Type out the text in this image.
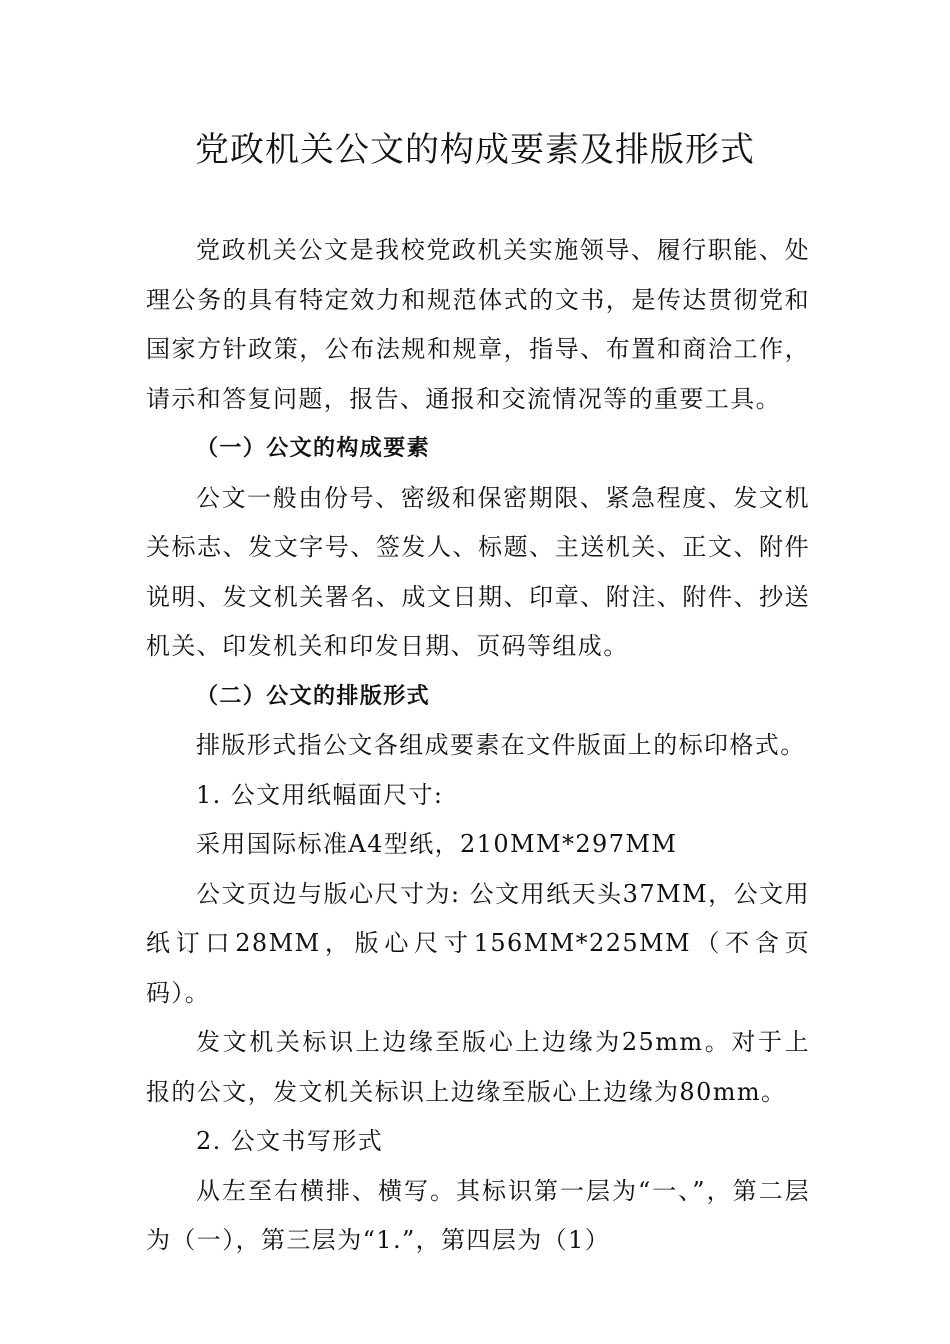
党政机关公文的构成要素及排版形式

党政机关公文是我校党政机关实施领导、履行职能、处理公务的具有特定效力和规范体式的文书，是传达贯彻党和国家方针政策，公布法规和规章，指导、布置和商洽工作，请示和答复问题，报告、通报和交流情况等的重要工具。

（一）公文的构成要素

公文一般由份号、密级和保密期限、紧急程度、发文机关标志、发文字号、签发人、标题、主送机关、正文、附件说明、发文机关署名、成文日期、印章、附注、附件、抄送机关、印发机关和印发日期、页码等组成。

（二）公文的排版形式

排版形式指公文各组成要素在文件版面上的标印格式。

1. 公文用纸幅面尺寸:

采用国际标准A4型纸，210MM*297MM

公文页边与版心尺寸为: 公文用纸天头37MM，公文用纸订口28MM，版心尺寸156MM*225MM（不含页码）。

发文机关标识上边缘至版心上边缘为25mm。对于上报的公文，发文机关标识上边缘至版心上边缘为80mm。

2. 公文书写形式

从左至右横排、横写。其标识第一层为“一、”，第二层为（一），第三层为“1.”，第四层为（1）
